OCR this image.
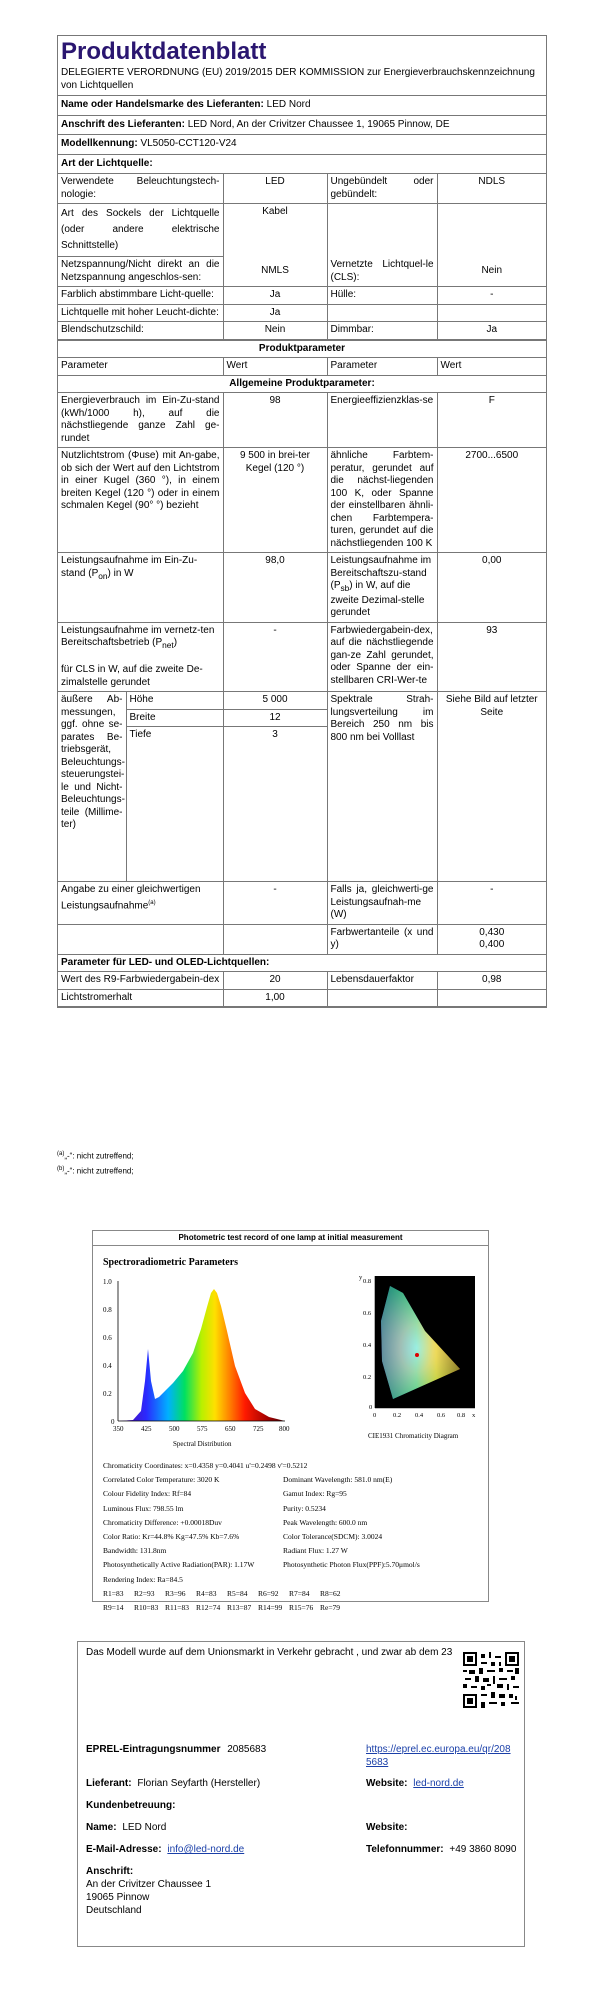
Produktdatenblatt
DELEGIERTE VERORDNUNG (EU) 2019/2015 DER KOMMISSION zur Energieverbrauchskennzeichnung von Lichtquellen
Name oder Handelsmarke des Lieferanten: LED Nord
Anschrift des Lieferanten: LED Nord, An der Crivitzer Chaussee 1, 19065 Pinnow, DE
Modellkennung: VL5050-CCT120-V24
Art der Lichtquelle:
Verwendete Beleuchtungstech-nologie:	LED	Ungebündelt oder gebündelt:	NDLS
Art des Sockels der Lichtquelle (oder andere elektrische Schnittstelle)	Kabel		
Netzspannung/Nicht direkt an die Netzspannung angeschlos-sen:	NMLS	Vernetzte Lichtquel-le (CLS):	Nein
Farblich abstimmbare Licht-quelle:	Ja	Hülle:	-
Lichtquelle mit hoher Leucht-dichte:	Ja		
Blendschutzschild:	Nein	Dimmbar:	Ja
Produktparameter				
Parameter		Wert	Parameter	Wert
Allgemeine Produktparameter:				
Energieverbrauch im Ein-Zu-stand (kWh/1000 h), auf die nächstliegende ganze Zahl ge-rundet		98	Energieeffizienzklas-se	F
Nutzlichtstrom (Φuse) mit An-gabe, ob sich der Wert auf den Lichtstrom in einer Kugel (360 °), in einem breiten Kegel (120 °) oder in einem schmalen Kegel (90° °) bezieht		9 500 in brei-ter Kegel (120 °)	ähnliche Farbtem-peratur, gerundet auf die nächst-liegenden 100 K, oder Spanne der einstellbaren ähnli-chen Farbtempera-turen, gerundet auf die nächstliegenden 100 K	2700...6500
Leistungsaufnahme im Ein-Zu-stand $(P_{on})$ in W		98,0	Leistungsaufnahme im Bereitschaftszu-stand $(P_{sb})$ in W, auf die zweite Dezimal-stelle gerundet	0,00
Leistungsaufnahme im vernetz-ten Bereitschaftsbetrieb $(P_{net})$

für CLS in W, auf die zweite De-zimalstelle gerundet		-	Farbwiedergabein-dex, auf die nächstliegende gan-ze Zahl gerundet, oder Spanne der ein-stellbaren CRI-Wer-te	93
äußere Ab-messungen, ggf. ohne se-parates Be-triebsgerät, Beleuchtungs-steuerungstei-le und Nicht-Beleuchtungs-teile (Millime-ter)	Höhe	5 000	Spektrale Strah-lungsverteilung im Bereich 250 nm bis 800 nm bei Volllast	Siehe Bild auf letzter Seite
	Breite	12		
	Tiefe	3		
Angabe zu einer gleichwertigen Leistungsaufnahme$^{(a)}$		-	Falls ja, gleichwerti-ge Leistungsaufnah-me (W)	-
			Farbwertanteile (x und y)	0,430
0,400
Parameter für LED- und OLED-Lichtquellen:				
Wert des R9-Farbwiedergabein-dex		20	Lebensdauerfaktor	0,98
Lichtstromerhalt		1,00		
$^{(a)}$„-“: nicht zutreffend;
$^{(b)}$„-“: nicht zutreffend;
Photometric test record of one lamp at initial measurement
Spectroradiometric Parameters
1.0
0.8
0.6
0.4
0.2
0
350	425	500	575	650	725 800
Spectral Distribution
y
0.8
0.6
0.4
0.2
0
0	0.2 0.4 0.6 0.8 x
CIE1931 Chromaticity Diagram
Chromaticity Coordinates: x=0.4358 y=0.4041 u'=0.2498 v'=0.5212
Correlated Color Temperature: 3020 K	Dominant Wavelength: 581.0 nm(E)
Colour Fidelity Index: Rf=84	Gamut Index: Rg=95
Luminous Flux: 798.55 lm	Purity: 0.5234
Chromaticity Difference: +0.00018Duv	Peak Wavelength: 600.0 nm
Color Ratio: Kr=44.8% Kg=47.5% Kb=7.6%	Color Tolerance(SDCM): 3.0024
Bandwidth: 131.8nm	Radiant Flux: 1.27 W
Photosynthetically Active Radiation(PAR): 1.17W	Photosynthetic Photon Flux(PPF):5.70μmol/s
Rendering Index: Ra=84.5
R1=83	R2=93	R3=96	R4=83	R5=84	R6=92	R7=84	R8=62
R9=14	R10=83 R11=83 R12=74 R13=87 R14=99 R15=76 Re=79
Das Modell wurde auf dem Unionsmarkt in Verkehr gebracht , und zwar ab dem 23
EPREL-Eintragungsnummer 2085683	https://eprel.ec.europa.eu/qr/2085683
Lieferant: Florian Seyfarth (Hersteller)	Website: led-nord.de
Kundenbetreuung:
Name: LED Nord	Website:
E-Mail-Adresse: info@led-nord.de	Telefonnummer: +49 3860 8090
Anschrift:
An der Crivitzer Chaussee 1
19065 Pinnow
Deutschland
